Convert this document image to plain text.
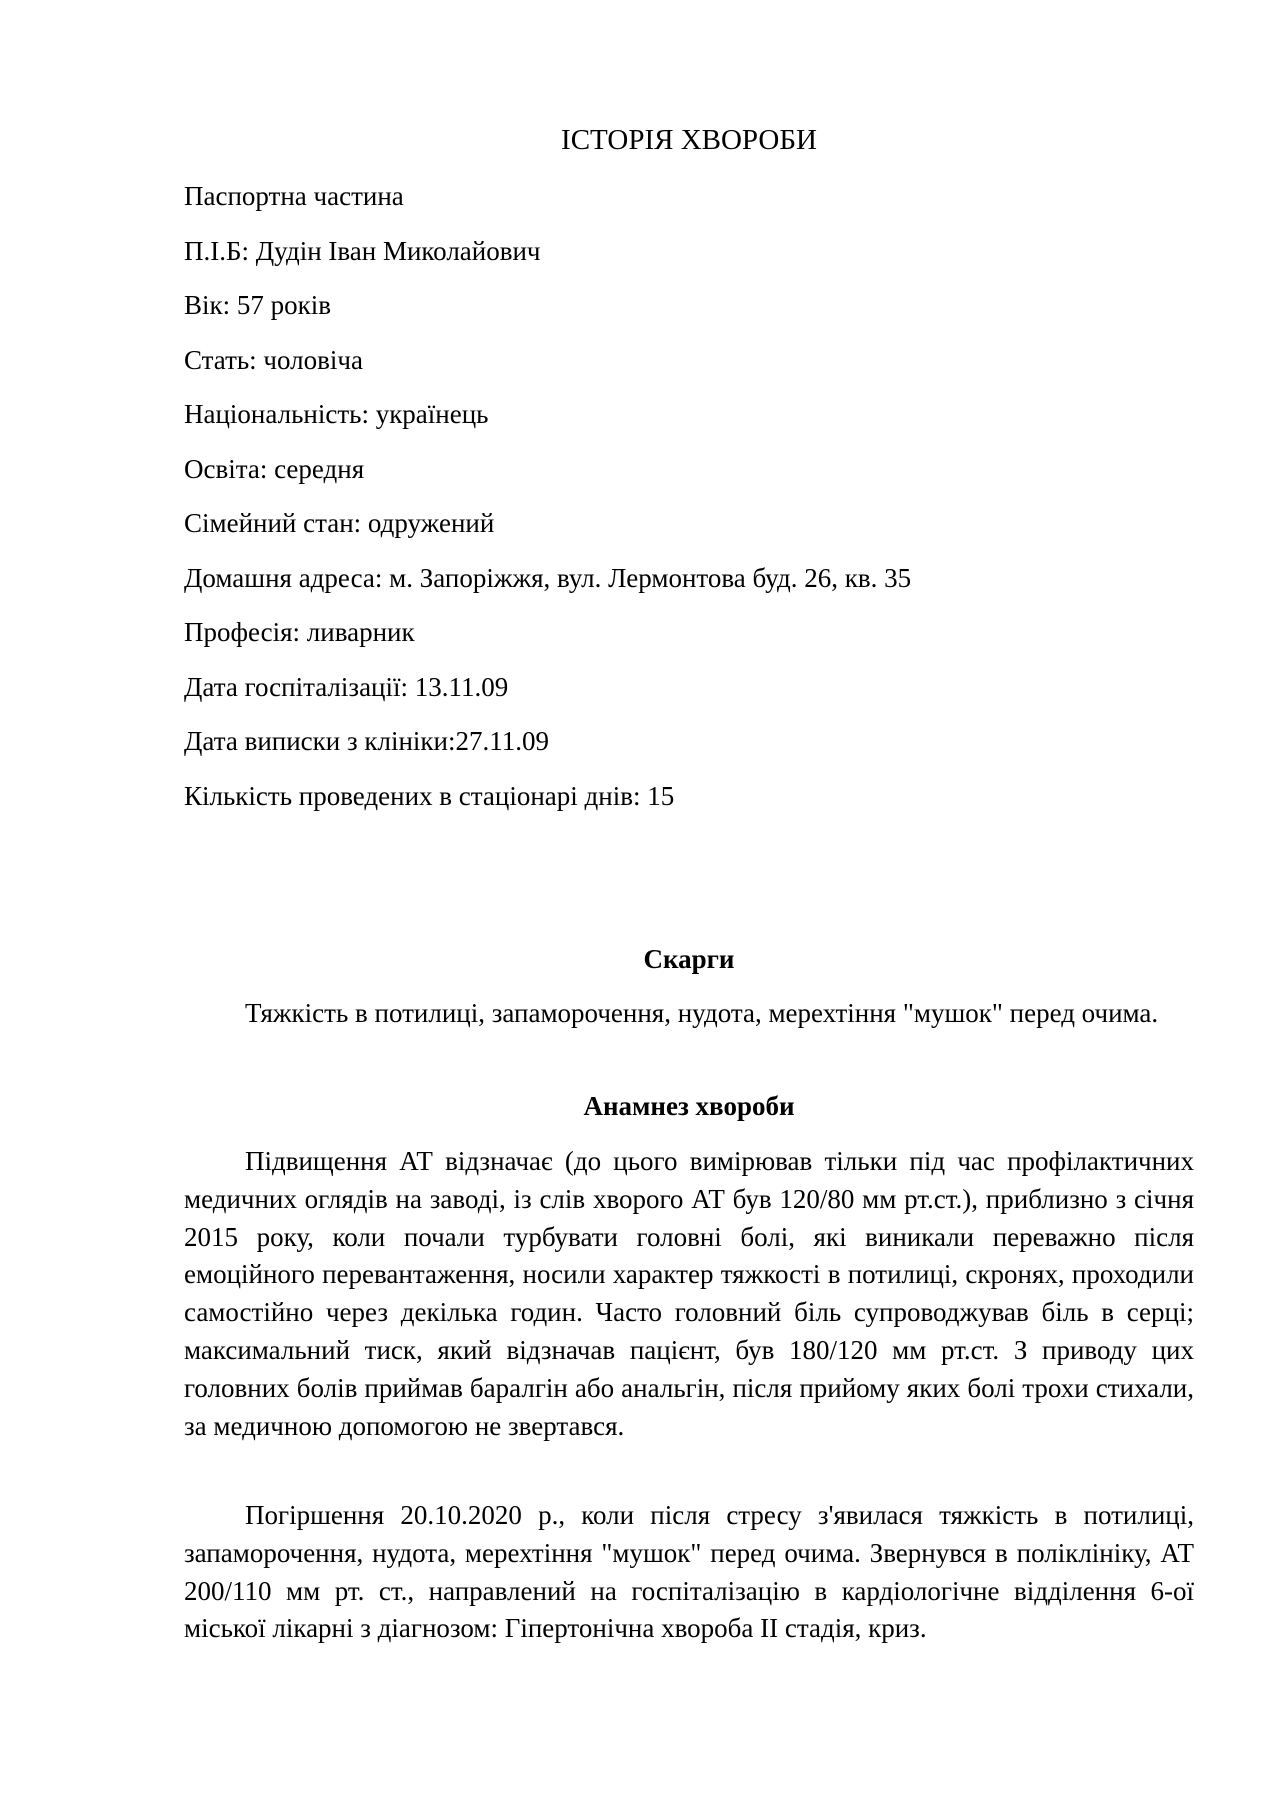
ІСТОРІЯ ХВОРОБИ

Паспортна частина

П.І.Б: Дудін Іван Миколайович

Вік: 57 років

Стать: чоловіча

Національність: українець

Освіта: середня

Сімейний стан: одружений

Домашня адреса: м. Запоріжжя, вул. Лермонтова буд. 26, кв. 35

Професія: ливарник

Дата госпіталізації: 13.11.09

Дата виписки з клініки:27.11.09

Кількість проведених в стаціонарі днів: 15

Скарги

Тяжкість в потилиці, запаморочення, нудота, мерехтіння "мушок" перед очима.

Анамнез хвороби

Підвищення АТ відзначає (до цього вимірював тільки під час профілактичних медичних оглядів на заводі, із слів хворого АТ був 120/80 мм рт.ст.), приблизно з січня 2015 року, коли почали турбувати головні болі, які виникали переважно після емоційного перевантаження, носили характер тяжкості в потилиці, скронях, проходили самостійно через декілька годин. Часто головний біль супроводжував біль в серці; максимальний тиск, який відзначав пацієнт, був 180/120 мм рт.ст. З приводу цих головних болів приймав баралгін або анальгін, після прийому яких болі трохи стихали, за медичною допомогою не звертався.

Погіршення 20.10.2020 р., коли після стресу з'явилася тяжкість в потилиці, запаморочення, нудота, мерехтіння "мушок" перед очима. Звернувся в поліклініку, АТ 200/110 мм рт. ст., направлений на госпіталізацію в кардіологічне відділення 6-ої міської лікарні з діагнозом: Гіпертонічна хвороба II стадія, криз.
